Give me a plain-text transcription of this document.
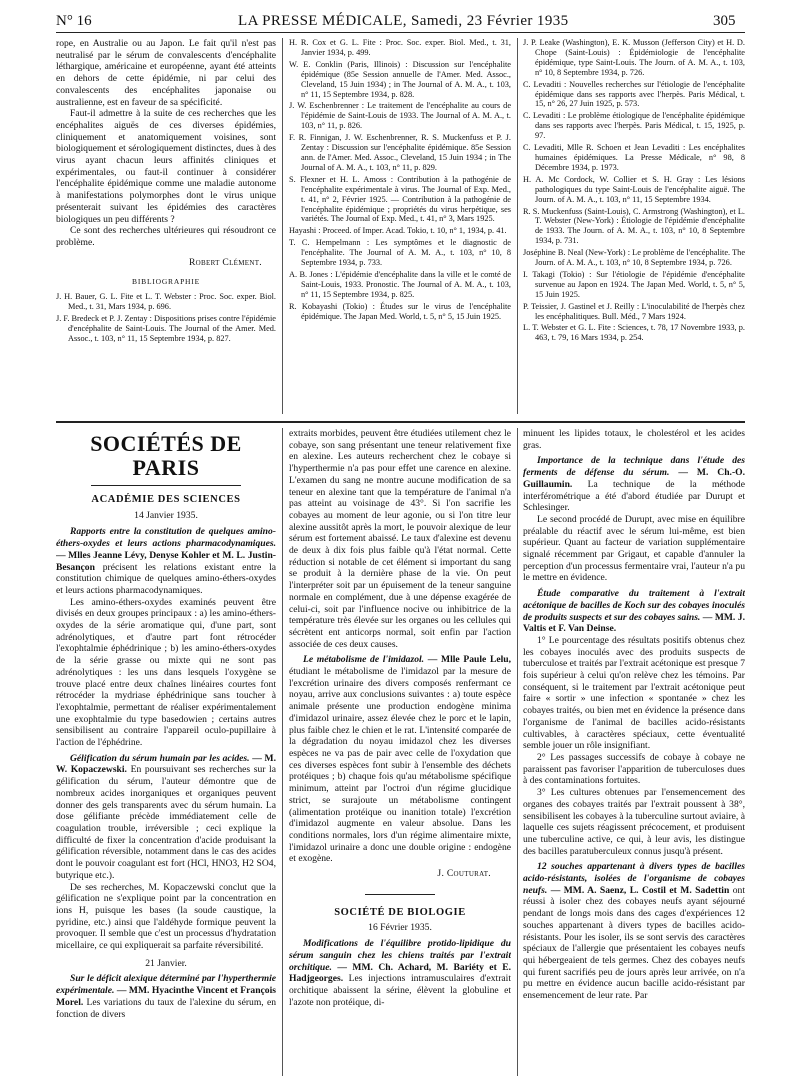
N° 16	LA PRESSE MÉDICALE, Samedi, 23 Février 1935	305

rope, en Australie ou au Japon. Le fait qu'il n'est pas neutralisé par le sérum de convalescents d'encéphalite léthargique, américaine et européenne, ayant été atteints en dehors de cette épidémie, ni par celui des convalescents des encéphalites japonaise ou australienne, est en faveur de sa spécificité.

Faut-il admettre à la suite de ces recherches que les encéphalites aiguës de ces diverses épidémies, cliniquement et anatomiquement voisines, sont biologiquement et sérologiquement distinctes, dues à des virus ayant chacun leurs affinités cliniques et expérimentales, ou faut-il continuer à considérer l'encéphalite épidémique comme une maladie autonome à manifestations polymorphes dont le virus unique présenterait suivant les épidémies des caractères biologiques un peu différents ?

Ce sont des recherches ultérieures qui résoudront ce problème.

Robert Clément.

BIBLIOGRAPHIE

J. H. Bauer, G. L. Fite et L. T. Webster : Proc. Soc. exper. Biol. Med., t. 31, Mars 1934, p. 696.

J. F. Bredeck et P. J. Zentay : Dispositions prises contre l'épidémie d'encéphalite de Saint-Louis. The Journal of the Amer. Med. Assoc., t. 103, n° 11, 15 Septembre 1934, p. 827.

H. R. Cox et G. L. Fite : Proc. Soc. exper. Biol. Med., t. 31, Janvier 1934, p. 499.

W. E. Conklin (Paris, Illinois) : Discussion sur l'encéphalite épidémique (85e Session annuelle de l'Amer. Med. Assoc., Cleveland, 15 Juin 1934) ; in The Journal of A. M. A., t. 103, n° 11, 15 Septembre 1934, p. 828.

J. W. Eschenbrenner : Le traitement de l'encéphalite au cours de l'épidémie de Saint-Louis de 1933. The Journal of A. M. A., t. 103, n° 11, p. 826.

F. R. Finnigan, J. W. Eschenbrenner, R. S. Muckenfuss et P. J. Zentay : Discussion sur l'encéphalite épidémique. 85e Session ann. de l'Amer. Med. Assoc., Cleveland, 15 Juin 1934 ; in The Journal of A. M. A., t. 103, n° 11, p. 829.

S. Flexner et H. L. Amoss : Contribution à la pathogénie de l'encéphalite expérimentale à virus. The Journal of Exp. Med., t. 41, n° 2, Février 1925. — Contribution à la pathogénie de l'encéphalite épidémique ; propriétés du virus herpétique, ses variétés. The Journal of Exp. Med., t. 41, n° 3, Mars 1925.

Hayashi : Proceed. of Imper. Acad. Tokio, t. 10, n° 1, 1934, p. 41.

T. C. Hempelmann : Les symptômes et le diagnostic de l'encéphalite. The Journal of A. M. A., t. 103, n° 10, 8 Septembre 1934, p. 733.

A. B. Jones : L'épidémie d'encéphalite dans la ville et le comté de Saint-Louis, 1933. Pronostic. The Journal of A. M. A., t. 103, n° 11, 15 Septembre 1934, p. 825.

R. Kobayashi (Tokio) : Études sur le virus de l'encéphalite épidémique. The Japan Med. World, t. 5, n° 5, 15 Juin 1925.

J. P. Leake (Washington), E. K. Musson (Jefferson City) et H. D. Chope (Saint-Louis) : Épidémiologie de l'encéphalite épidémique, type Saint-Louis. The Journ. of A. M. A., t. 103, n° 10, 8 Septembre 1934, p. 726.

C. Levaditi : Nouvelles recherches sur l'étiologie de l'encéphalite épidémique dans ses rapports avec l'herpès. Paris Médical, t. 15, n° 26, 27 Juin 1925, p. 573.

C. Levaditi : Le problème étiologique de l'encéphalite épidémique dans ses rapports avec l'herpès. Paris Médical, t. 15, 1925, p. 97.

C. Levaditi, Mlle R. Schoen et Jean Levaditi : Les encéphalites humaines épidémiques. La Presse Médicale, n° 98, 8 Décembre 1934, p. 1973.

H. A. Mc Cordock, W. Collier et S. H. Gray : Les lésions pathologiques du type Saint-Louis de l'encéphalite aiguë. The Journ. of A. M. A., t. 103, n° 11, 15 Septembre 1934.

R. S. Muckenfuss (Saint-Louis), C. Armstrong (Washington), et L. T. Webster (New-York) : Étiologie de l'épidémie d'encéphalite de 1933. The Journ. of A. M. A., t. 103, n° 10, 8 Septembre 1934, p. 731.

Joséphine B. Neal (New-York) : Le problème de l'encéphalite. The Journ. of A. M. A., t. 103, n° 10, 8 Septembre 1934, p. 726.

I. Takagi (Tokio) : Sur l'étiologie de l'épidémie d'encéphalite survenue au Japon en 1924. The Japan Med. World, t. 5, n° 5, 15 Juin 1925.

P. Teissier, J. Gastinel et J. Reilly : L'inoculabilité de l'herpès chez les encéphalitiques. Bull. Méd., 7 Mars 1924.

L. T. Webster et G. L. Fite : Sciences, t. 78, 17 Novembre 1933, p. 463, t. 79, 16 Mars 1934, p. 254.

SOCIÉTÉS DE PARIS

ACADÉMIE DES SCIENCES

14 Janvier 1935.

Rapports entre la constitution de quelques amino-éthers-oxydes et leurs actions pharmacodynamiques. — Mlles Jeanne Lévy, Denyse Kohler et M. L. Justin-Besançon précisent les relations existant entre la constitution chimique de quelques amino-éthers-oxydes et leurs actions pharmacodynamiques.

Les amino-éthers-oxydes examinés peuvent être divisés en deux groupes principaux : a) les amino-éthers-oxydes de la série aromatique qui, d'une part, sont adrénolytiques, et d'autre part font rétrocéder l'exophtalmie éphédrinique ; b) les amino-éthers-oxydes de la série grasse ou mixte qui ne sont pas adrénolytiques : les uns dans lesquels l'oxygène se trouve placé entre deux chaînes linéaires courtes font rétrocéder la mydriase éphédrinique sans toucher à l'exophtalmie, permettant de réaliser expérimentalement une exophtalmie du type basedowien ; certains autres sensibilisent au contraire l'appareil oculo-pupillaire à l'action de l'éphédrine.

Gélification du sérum humain par les acides. — M. W. Kopaczewski. En poursuivant ses recherches sur la gélification du sérum, l'auteur démontre que de nombreux acides inorganiques et organiques peuvent donner des gels transparents avec du sérum humain. La dose gélifiante précède immédiatement celle de coagulation trouble, irréversible ; ceci explique la difficulté de fixer la concentration d'acide produisant la gélification réversible, notamment dans le cas des acides dont le pouvoir coagulant est fort (HCl, HNO3, H2 SO4, butyrique etc.).

De ses recherches, M. Kopaczewski conclut que la gélification ne s'explique point par la concentration en ions H, puisque les bases (la soude caustique, la pyridine, etc.) ainsi que l'aldéhyde formique peuvent la provoquer. Il semble que c'est un processus d'hydratation micellaire, ce qui expliquerait sa parfaite réversibilité.

21 Janvier.

Sur le déficit alexique déterminé par l'hyperthermie expérimentale. — MM. Hyacinthe Vincent et François Morel. Les variations du taux de l'alexine du sérum, en fonction de divers

extraits morbides, peuvent être étudiées utilement chez le cobaye, son sang présentant une teneur relativement fixe en alexine. Les auteurs recherchent chez le cobaye si l'hyperthermie n'a pas pour effet une carence en alexine. L'examen du sang ne montre aucune modification de sa teneur en alexine tant que la température de l'animal n'a pas atteint au voisinage de 43°. Si l'on sacrifie les cobayes au moment de leur agonie, ou si l'on titre leur alexine aussitôt après la mort, le pouvoir alexique de leur sérum est fortement abaissé. Le taux d'alexine est devenu de deux à dix fois plus faible qu'à l'état normal. Cette réduction si notable de cet élément si important du sang se produit à la dernière phase de la vie. On peut l'interpréter soit par un épuisement de la teneur sanguine normale en complément, due à une dépense exagérée de celui-ci, soit par l'influence nocive ou inhibitrice de la température très élevée sur les organes ou les cellules qui sécrètent ent anticorps normal, soit enfin par l'action associée de ces deux causes.

Le métabolisme de l'imidazol. — Mlle Paule Lelu, étudiant le métabolisme de l'imidazol par la mesure de l'excrétion urinaire des divers composés renfermant ce noyau, arrive aux conclusions suivantes : a) toute espèce animale présente une production endogène minima d'imidazol urinaire, assez élevée chez le porc et le lapin, plus faible chez le chien et le rat. L'intensité comparée de la dégradation du noyau imidazol chez les diverses espèces ne va pas de pair avec celle de l'oxydation que ces diverses espèces font subir à l'ensemble des déchets protéiques ; b) chaque fois qu'au métabolisme spécifique minimum, atteint par l'octroi d'un régime glucidique strict, se surajoute un métabolisme contingent (alimentation protéique ou inanition totale) l'excrétion d'imidazol augmente en valeur absolue. Dans les conditions normales, lors d'un régime alimentaire mixte, l'imidazol urinaire a donc une double origine : endogène et exogène.

J. Couturat.

SOCIÉTÉ DE BIOLOGIE

16 Février 1935.

Modifications de l'équilibre protido-lipidique du sérum sanguin chez les chiens traités par l'extrait orchitique. — MM. Ch. Achard, M. Bariéty et E. Hadjgeorges. Les injections intramusculaires d'extrait orchitique abaissent la sérine, élèvent la globuline et l'azote non protéique, di-

minuent les lipides totaux, le cholestérol et les acides gras.

Importance de la technique dans l'étude des ferments de défense du sérum. — M. Ch.-O. Guillaumin. La technique de la méthode interférométrique a été d'abord étudiée par Durupt et Schlesinger.

Le second procédé de Durupt, avec mise en équilibre préalable du réactif avec le sérum lui-même, est bien supérieur. Quant au facteur de variation supplémentaire signalé récemment par Grigaut, et capable d'annuler la perception d'un processus fermentaire vrai, l'auteur n'a pu le mettre en évidence.

Étude comparative du traitement à l'extrait acétonique de bacilles de Koch sur des cobayes inoculés de produits suspects et sur des cobayes sains. — MM. J. Valtis et F. Van Deinse.

1° Le pourcentage des résultats positifs obtenus chez les cobayes inoculés avec des produits suspects de tuberculose et traités par l'extrait acétonique est presque 7 fois supérieur à celui qu'on relève chez les témoins. Par conséquent, si le traitement par l'extrait acétonique peut faire « sortir » une infection « spontanée » chez les cobayes traités, ou bien met en évidence la présence dans l'organisme de l'animal de bacilles acido-résistants cultivables, à caractères spéciaux, cette éventualité semble jouer un rôle insignifiant.

2° Les passages successifs de cobaye à cobaye ne paraissent pas favoriser l'apparition de tuberculoses dues à des contaminations fortuites.

3° Les cultures obtenues par l'ensemencement des organes des cobayes traités par l'extrait poussent à 38°, sensibilisent les cobayes à la tuberculine surtout aviaire, à laquelle ces sujets réagissent précocement, et produisent une tuberculine active, ce qui, à leur avis, les distingue des bacilles paratuberculeux connus jusqu'à présent.

12 souches appartenant à divers types de bacilles acido-résistants, isolées de l'organisme de cobayes neufs. — MM. A. Saenz, L. Costil et M. Sadettin ont réussi à isoler chez des cobayes neufs ayant séjourné pendant de longs mois dans des cages d'expériences 12 souches appartenant à divers types de bacilles acido-résistants. Pour les isoler, ils se sont servis des caractères spéciaux de l'allergie que présentaient les cobayes neufs qui hébergeaient de tels germes. Chez des cobayes neufs qui furent sacrifiés peu de jours après leur arrivée, on n'a pu mettre en évidence aucun bacille acido-résistant par ensemencement de leur rate. Par
